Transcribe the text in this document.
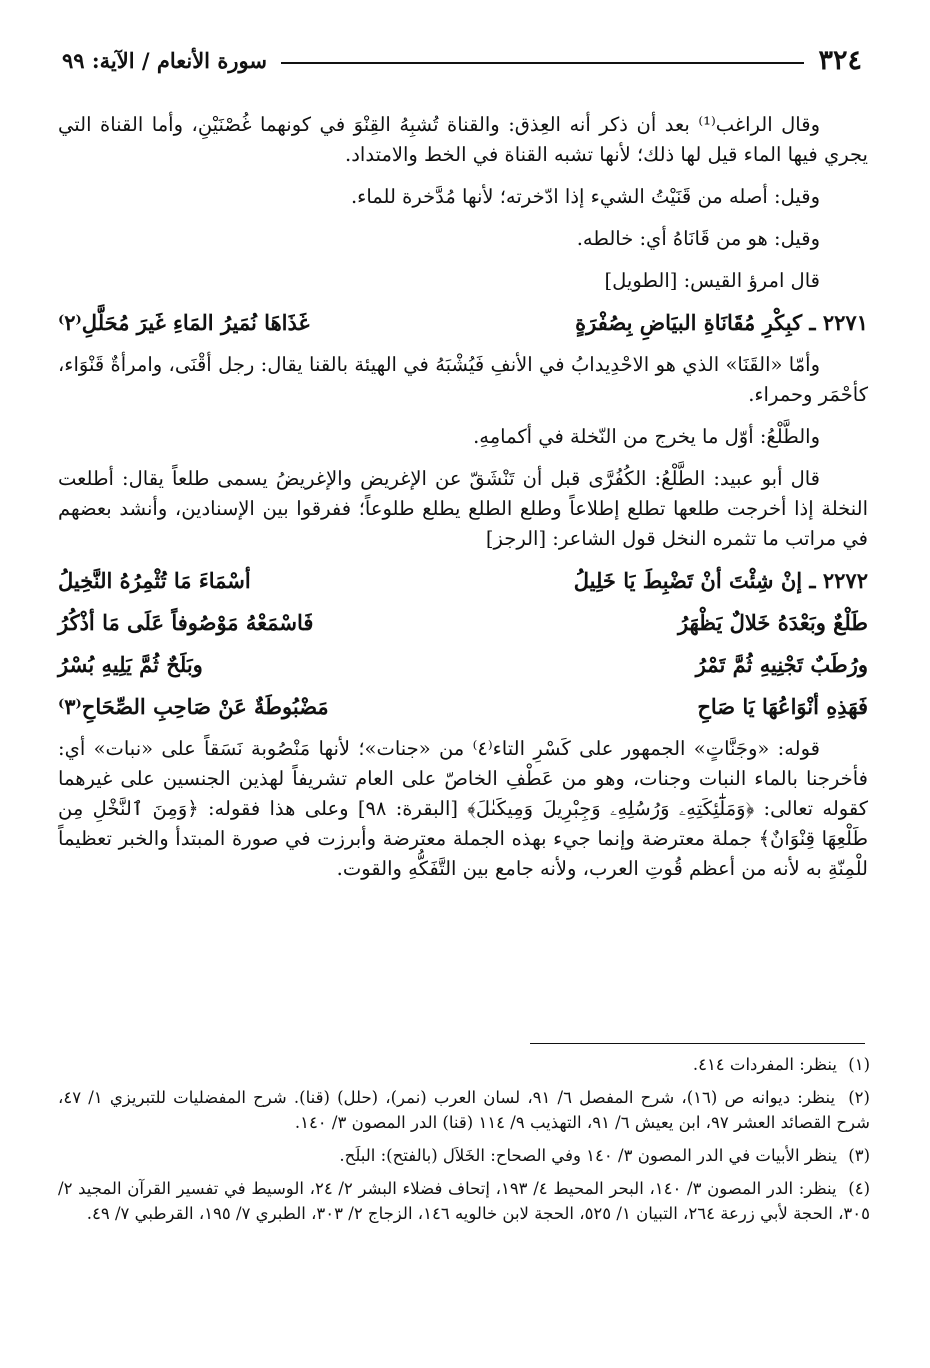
٣٢٤
سورة الأنعام / الآية: ٩٩

وقال الراغب⁽¹⁾ بعد أن ذكر أنه العِذق: والقناة تُشبِهُ القِنْوَ في كونهما غُصْنَيْنِ، وأما القناة التي يجري فيها الماء قيل لها ذلك؛ لأنها تشبه القناة في الخط والامتداد.

وقيل: أصله من قَنَيْتُ الشيء إذا ادّخرته؛ لأنها مُدَّخرة للماء.

وقيل: هو من قَانَاهُ أي: خالطه.

قال امرؤ القيس: [الطويل]

٢٢٧١ ـ كبِكْرِ مُقَانَاةِ البيَاضِ بِصُفْرَةٍ
غَذَاهَا نُمَيرُ المَاءِ غَيرَ مُحَلَّلِ⁽٢⁾

وأمّا «القَنَا» الذي هو الاحْدِيدابُ في الأنفِ فَيُشْبَهُ في الهيئة بالقنا يقال: رجل أقْنَى، وامرأةٌ قَنْوَاء، كأحْمَر وحمراء.

والطَّلْعُ: أوّل ما يخرج من النّخلة في أكمامِهِ.

قال أبو عبيد: الطَّلْعُ: الكُفُرَّى قبل أن تَنْشَقّ عن الإغريض والإغريضُ يسمى طلعاً يقال: أطلعت النخلة إذا أخرجت طلعها تطلع إطلاعاً وطلع الطلع يطلع طلوعاً؛ ففرقوا بين الإسنادين، وأنشد بعضهم في مراتب ما تثمره النخل قول الشاعر: [الرجز]

٢٢٧٢ ـ إنْ شِئْتَ أنْ تَضْبِطَ يَا خَلِيلُ
أسْمَاءَ مَا تُثْمِرُهُ النَّخِيلُ
طَلْعٌ وبَعْدَهُ خَلالٌ يَظْهَرُ
فَاسْمَعْهُ مَوْصُوفاً عَلَى مَا أذْكُرُ
ورُطَبٌ تَجْنِيهِ ثُمَّ تَمْرُ
وبَلَحٌ ثُمَّ يَلِيهِ بُسْرُ
فَهَذِهِ أنْوَاعُهَا يَا صَاحِ
مَضْبُوطَةٌ عَنْ صَاحِبِ الصِّحَاحِ⁽٣⁾

قوله: «وجَنَّاتٍ» الجمهور على كَسْرِ التاء⁽٤⁾ من «جنات»؛ لأنها مَنْصُوبة نَسَقاً على «نبات» أي: فأخرجنا بالماء النبات وجنات، وهو من عَطْفِ الخاصّ على العام تشريفاً لهذين الجنسين على غيرهما كقوله تعالى: ﴿وَمَلَٰٓئِكَتِهِۦ وَرُسُلِهِۦ وَجِبْرِيلَ وَمِيكَىٰلَ﴾ [البقرة: ٩٨] وعلى هذا فقوله: ﴿وَمِنَ ٱلنَّخْلِ مِن طَلْعِهَا قِنْوَانٌ﴾ جملة معترضة وإنما جيء بهذه الجملة معترضة وأبرزت في صورة المبتدأ والخبر تعظيماً للْمِنّةِ به لأنه من أعظم قُوتِ العرب، ولأنه جامع بين التَّفَكُّهِ والقوت.

(١) ينظر: المفردات ٤١٤.

(٢) ينظر: ديوانه ص (١٦)، شرح المفصل ٦/ ٩١، لسان العرب (نمر)، (حلل) (قنا). شرح المفضليات للتبريزي ١/ ٤٧، شرح القصائد العشر ٩٧، ابن يعيش ٦/ ٩١، التهذيب ٩/ ١١٤ (قنا) الدر المصون ٣/ ١٤٠.

(٣) ينظر الأبيات في الدر المصون ٣/ ١٤٠ وفي الصحاح: الخَلاَل (بالفتح): البلَح.

(٤) ينظر: الدر المصون ٣/ ١٤٠، البحر المحيط ٤/ ١٩٣، إتحاف فضلاء البشر ٢/ ٢٤، الوسيط في تفسير القرآن المجيد ٢/ ٣٠٥، الحجة لأبي زرعة ٢٦٤، التبيان ١/ ٥٢٥، الحجة لابن خالويه ١٤٦، الزجاج ٢/ ٣٠٣، الطبري ٧/ ١٩٥، القرطبي ٧/ ٤٩.
